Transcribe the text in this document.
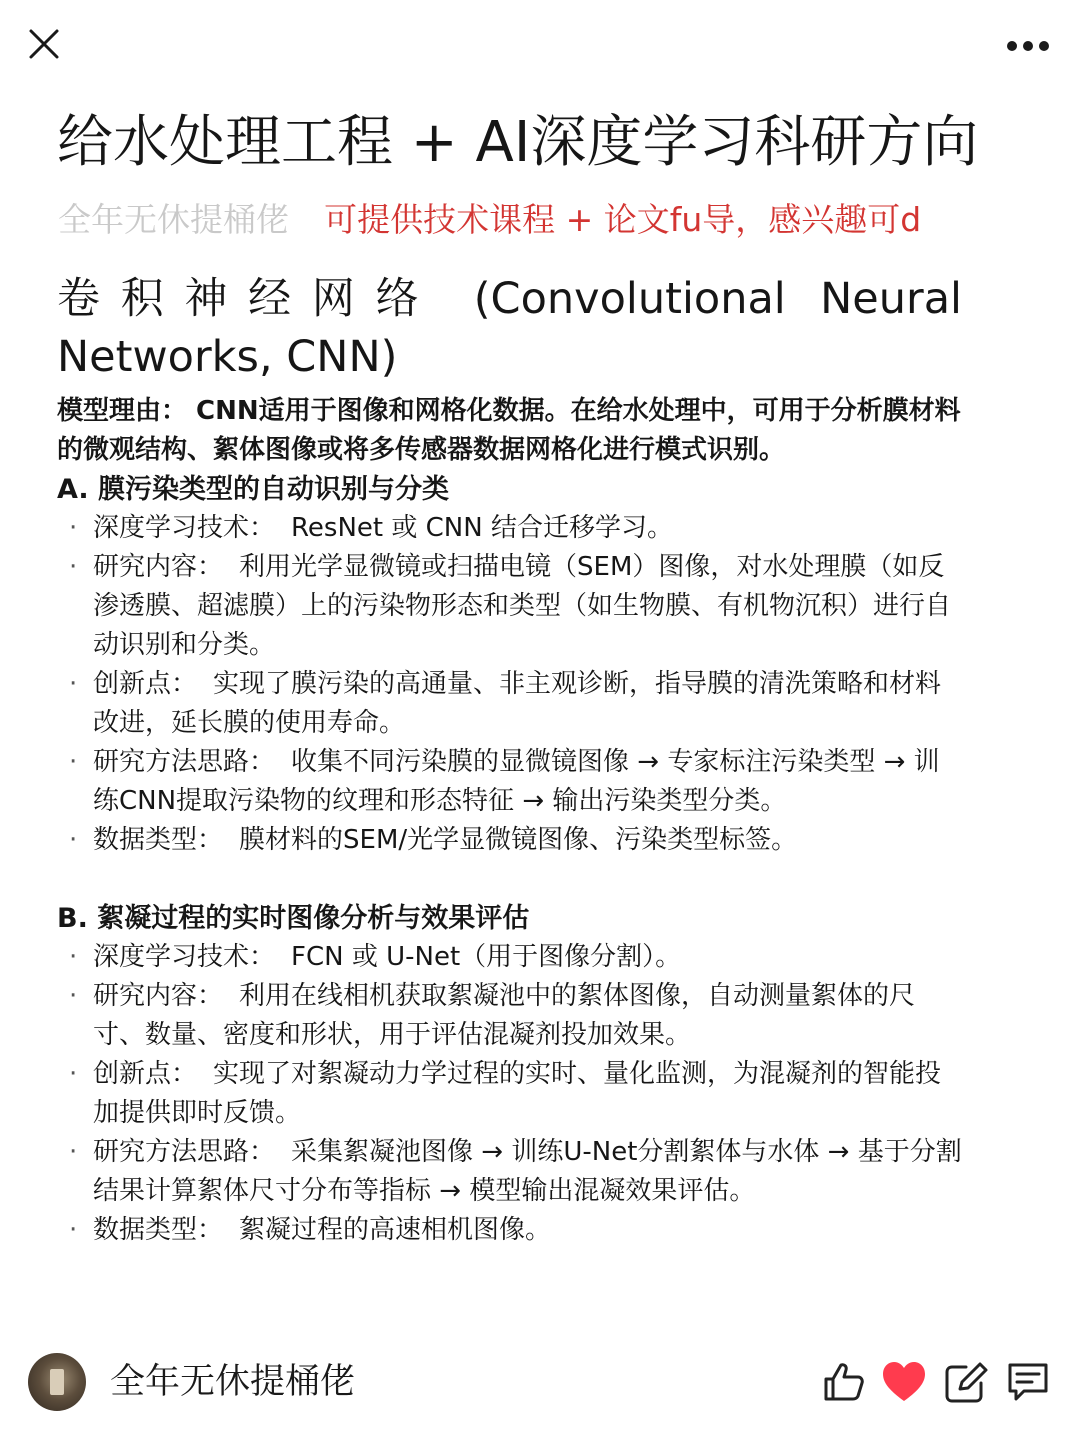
给水处理工程 + AI深度学习科研方向
全年无休提桶佬 可提供技术课程 + 论文fu导，感兴趣可d

卷积神经网络 (Convolutional Neural Networks, CNN)

模型理由： CNN适用于图像和网格化数据。在给水处理中，可用于分析膜材料的微观结构、絮体图像或将多传感器数据网格化进行模式识别。

A. 膜污染类型的自动识别与分类

· 深度学习技术： ResNet 或 CNN 结合迁移学习。
· 研究内容： 利用光学显微镜或扫描电镜（SEM）图像，对水处理膜（如反渗透膜、超滤膜）上的污染物形态和类型（如生物膜、有机物沉积）进行自动识别和分类。
· 创新点： 实现了膜污染的高通量、非主观诊断，指导膜的清洗策略和材料改进，延长膜的使用寿命。
· 研究方法思路： 收集不同污染膜的显微镜图像 → 专家标注污染类型 → 训练CNN提取污染物的纹理和形态特征 → 输出污染类型分类。
· 数据类型： 膜材料的SEM/光学显微镜图像、污染类型标签。

B. 絮凝过程的实时图像分析与效果评估

· 深度学习技术： FCN 或 U-Net（用于图像分割）。
· 研究内容： 利用在线相机获取絮凝池中的絮体图像，自动测量絮体的尺寸、数量、密度和形状，用于评估混凝剂投加效果。
· 创新点： 实现了对絮凝动力学过程的实时、量化监测，为混凝剂的智能投加提供即时反馈。
· 研究方法思路： 采集絮凝池图像 → 训练U-Net分割絮体与水体 → 基于分割结果计算絮体尺寸分布等指标 → 模型输出混凝效果评估。
· 数据类型： 絮凝过程的高速相机图像。
全年无休提桶佬
